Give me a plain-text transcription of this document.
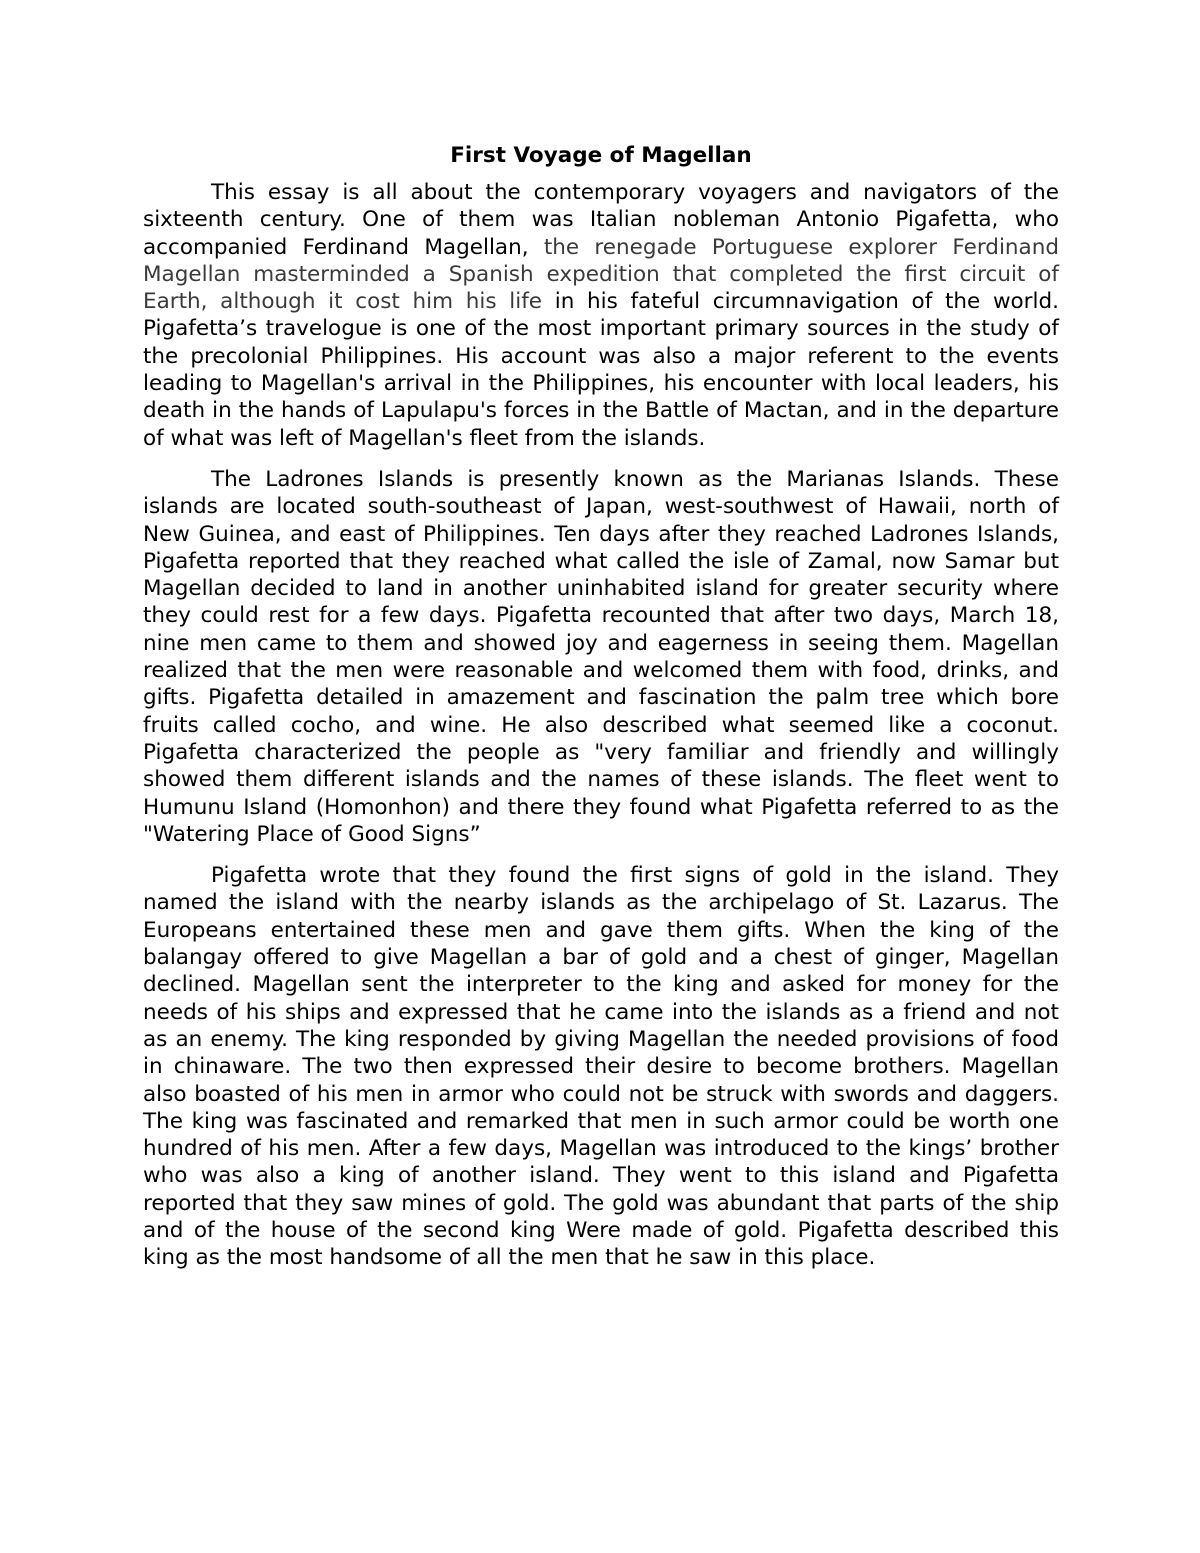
First Voyage of Magellan

This essay is all about the contemporary voyagers and navigators of the sixteenth century. One of them was Italian nobleman Antonio Pigafetta, who accompanied Ferdinand Magellan, the renegade Portuguese explorer Ferdinand Magellan masterminded a Spanish expedition that completed the first circuit of Earth, although it cost him his life in his fateful circumnavigation of the world. Pigafetta’s travelogue is one of the most important primary sources in the study of the precolonial Philippines. His account was also a major referent to the events leading to Magellan's arrival in the Philippines, his encounter with local leaders, his death in the hands of Lapulapu's forces in the Battle of Mactan, and in the departure of what was left of Magellan's fleet from the islands.

The Ladrones Islands is presently known as the Marianas Islands. These islands are located south-southeast of Japan, west-southwest of Hawaii, north of New Guinea, and east of Philippines. Ten days after they reached Ladrones Islands, Pigafetta reported that they reached what called the isle of Zamal, now Samar but Magellan decided to land in another uninhabited island for greater security where they could rest for a few days. Pigafetta recounted that after two days, March 18, nine men came to them and showed joy and eagerness in seeing them. Magellan realized that the men were reasonable and welcomed them with food, drinks, and gifts. Pigafetta detailed in amazement and fascination the palm tree which bore fruits called cocho, and wine. He also described what seemed like a coconut. Pigafetta characterized the people as "very familiar and friendly and willingly showed them different islands and the names of these islands. The fleet went to Humunu Island (Homonhon) and there they found what Pigafetta referred to as the "Watering Place of Good Signs”

Pigafetta wrote that they found the first signs of gold in the island. They named the island with the nearby islands as the archipelago of St. Lazarus. The Europeans entertained these men and gave them gifts. When the king of the balangay offered to give Magellan a bar of gold and a chest of ginger, Magellan declined. Magellan sent the interpreter to the king and asked for money for the needs of his ships and expressed that he came into the islands as a friend and not as an enemy. The king responded by giving Magellan the needed provisions of food in chinaware. The two then expressed their desire to become brothers. Magellan also boasted of his men in armor who could not be struck with swords and daggers. The king was fascinated and remarked that men in such armor could be worth one hundred of his men. After a few days, Magellan was introduced to the kings’ brother who was also a king of another island. They went to this island and Pigafetta reported that they saw mines of gold. The gold was abundant that parts of the ship and of the house of the second king Were made of gold. Pigafetta described this king as the most handsome of all the men that he saw in this place.
